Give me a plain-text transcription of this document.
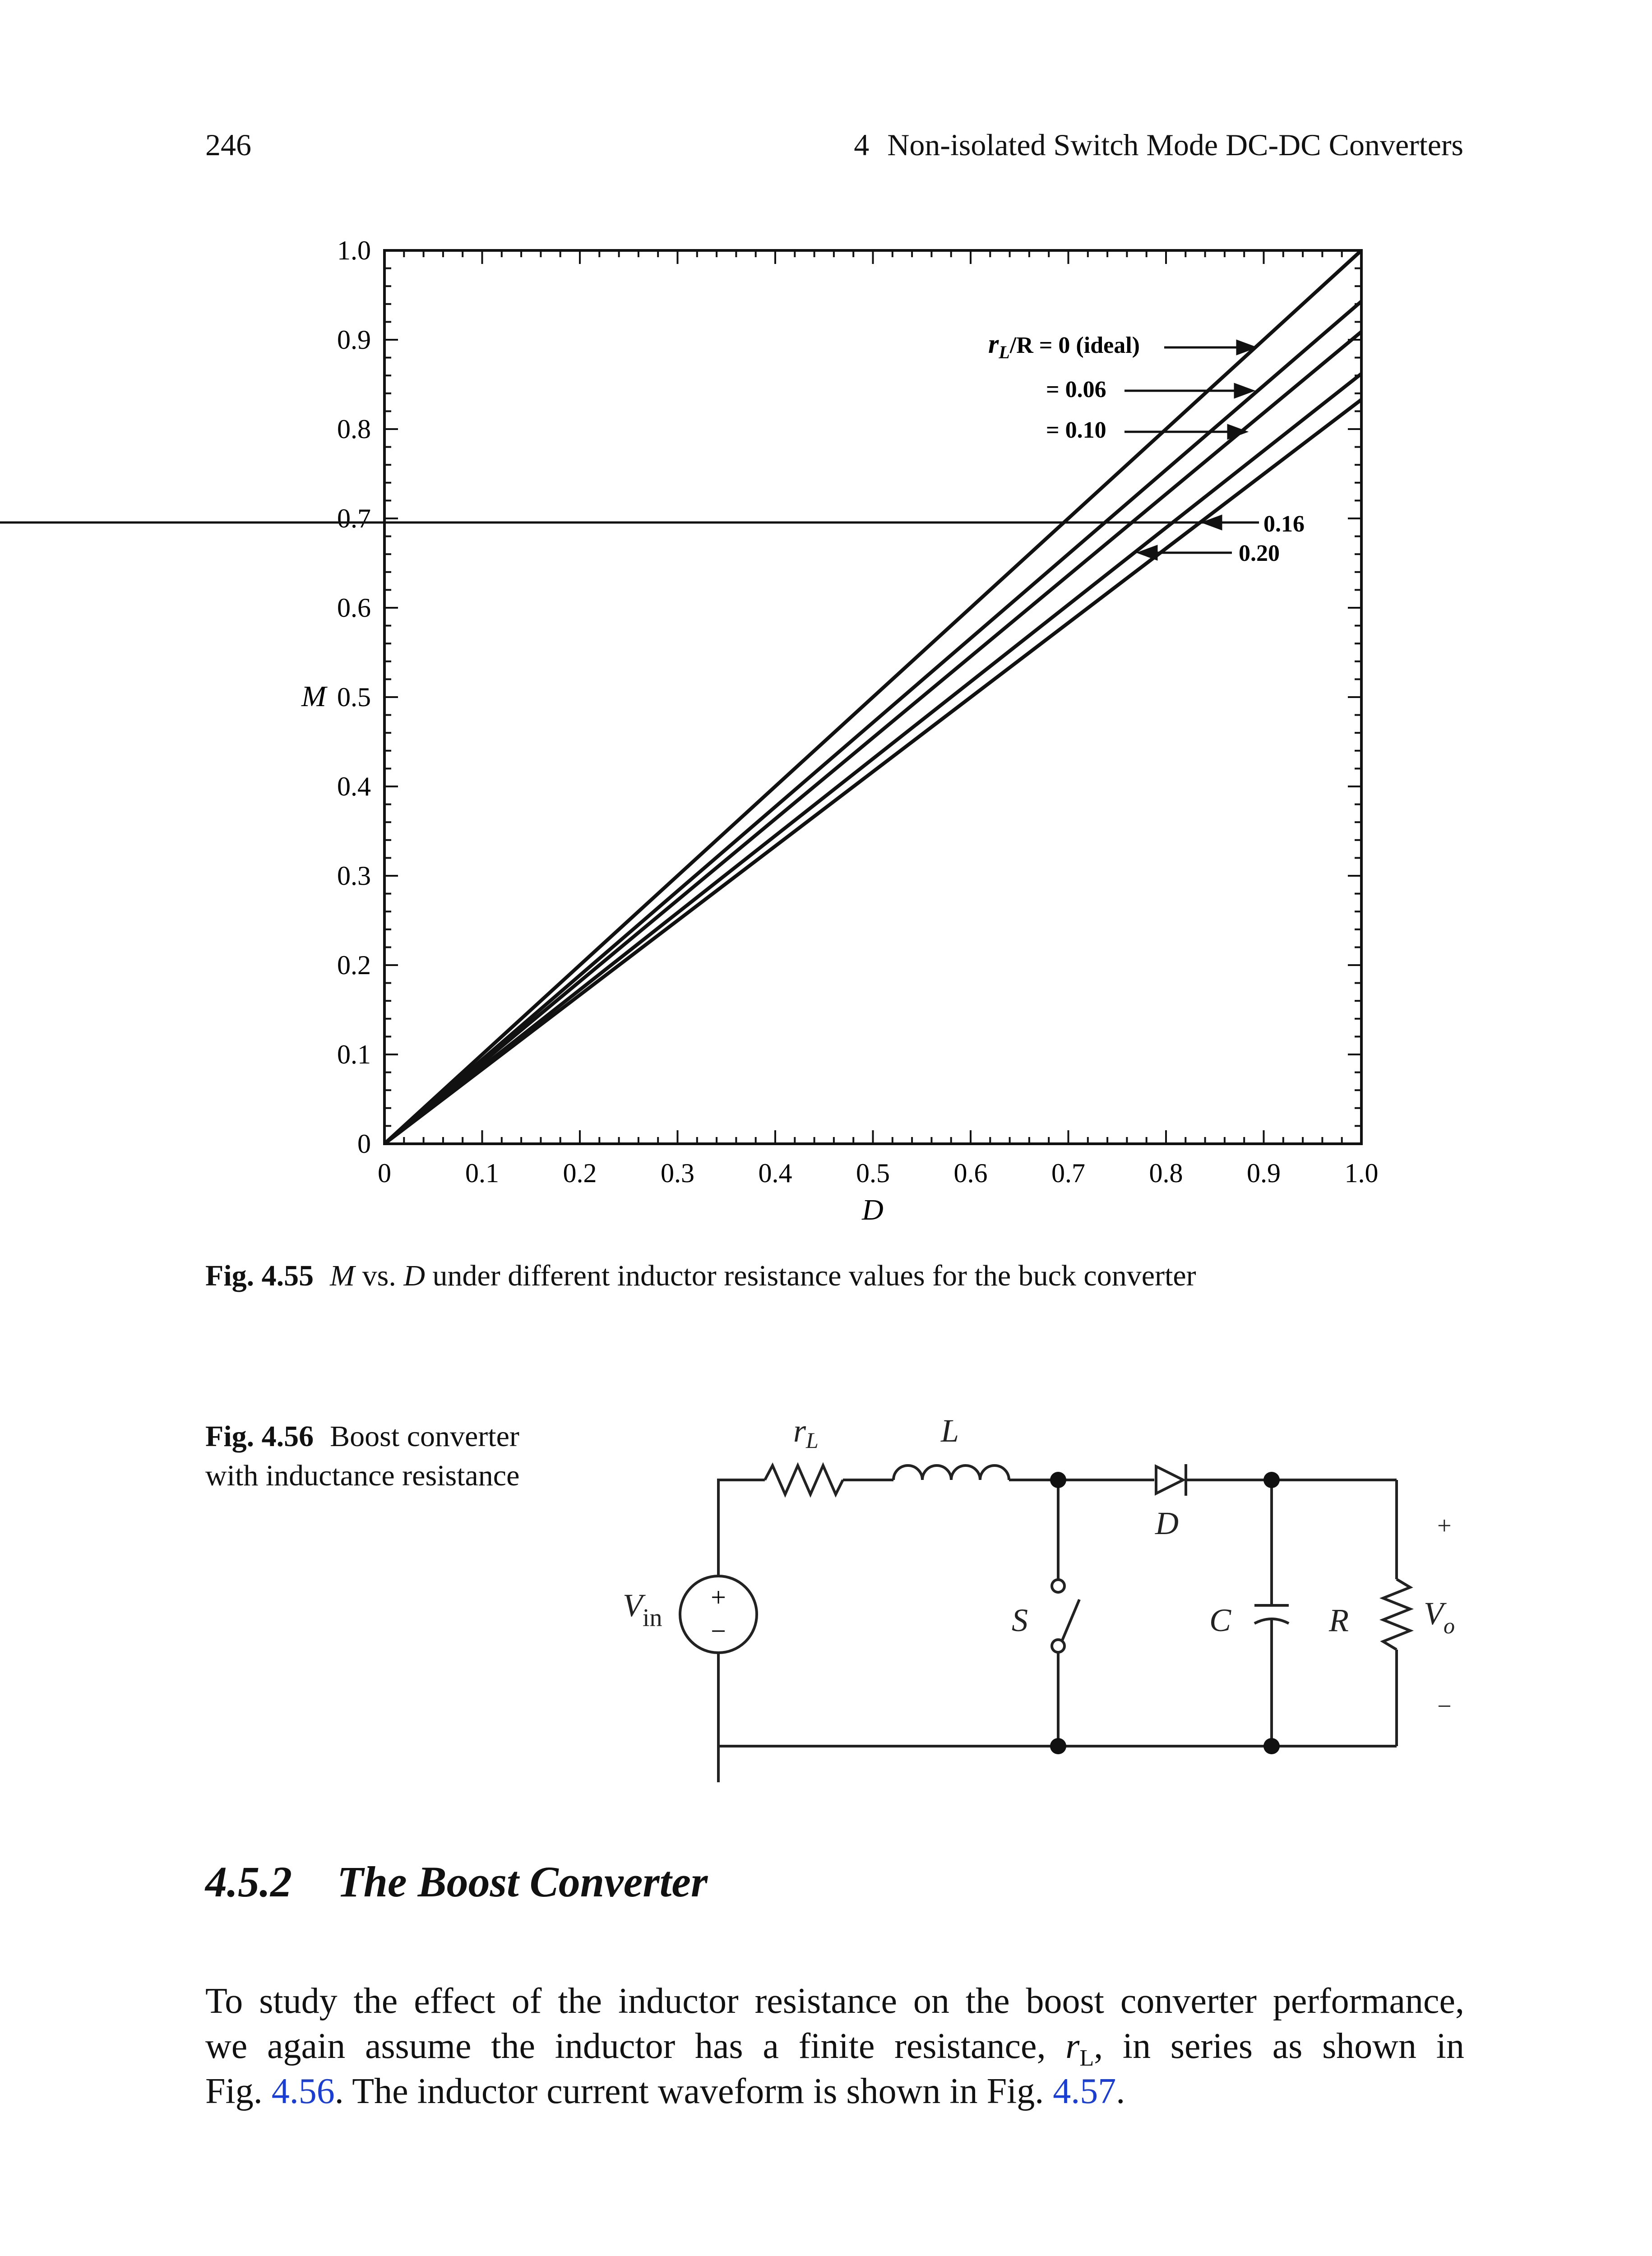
246	4 Non-isolated Switch Mode DC-DC Converters
0	0.1 0.2 0.3 0.4 0.5 0.6 0.7 0.8 0.9 1.0
0
0.1
0.2
0.3
0.4
0.5
0.6
0.7
0.8
0.9
1.0
M
D
$r_L/R = 0$ (ideal)
= 0.06
= 0.10
0.16
0.20
Fig. 4.55 M vs. D under different inductor resistance values for the buck converter
Fig. 4.56 Boost converter
with inductance resistance
+
−
rL	L
D
S	C	R
$V_{in}$	$V_o$
+
−
4.5.2 The Boost Converter
To study the effect of the inductor resistance on the boost converter performance,
we again assume the inductor has a finite resistance, $r_L$, in series as shown in
Fig. 4.56. The inductor current waveform is shown in Fig. 4.57.
